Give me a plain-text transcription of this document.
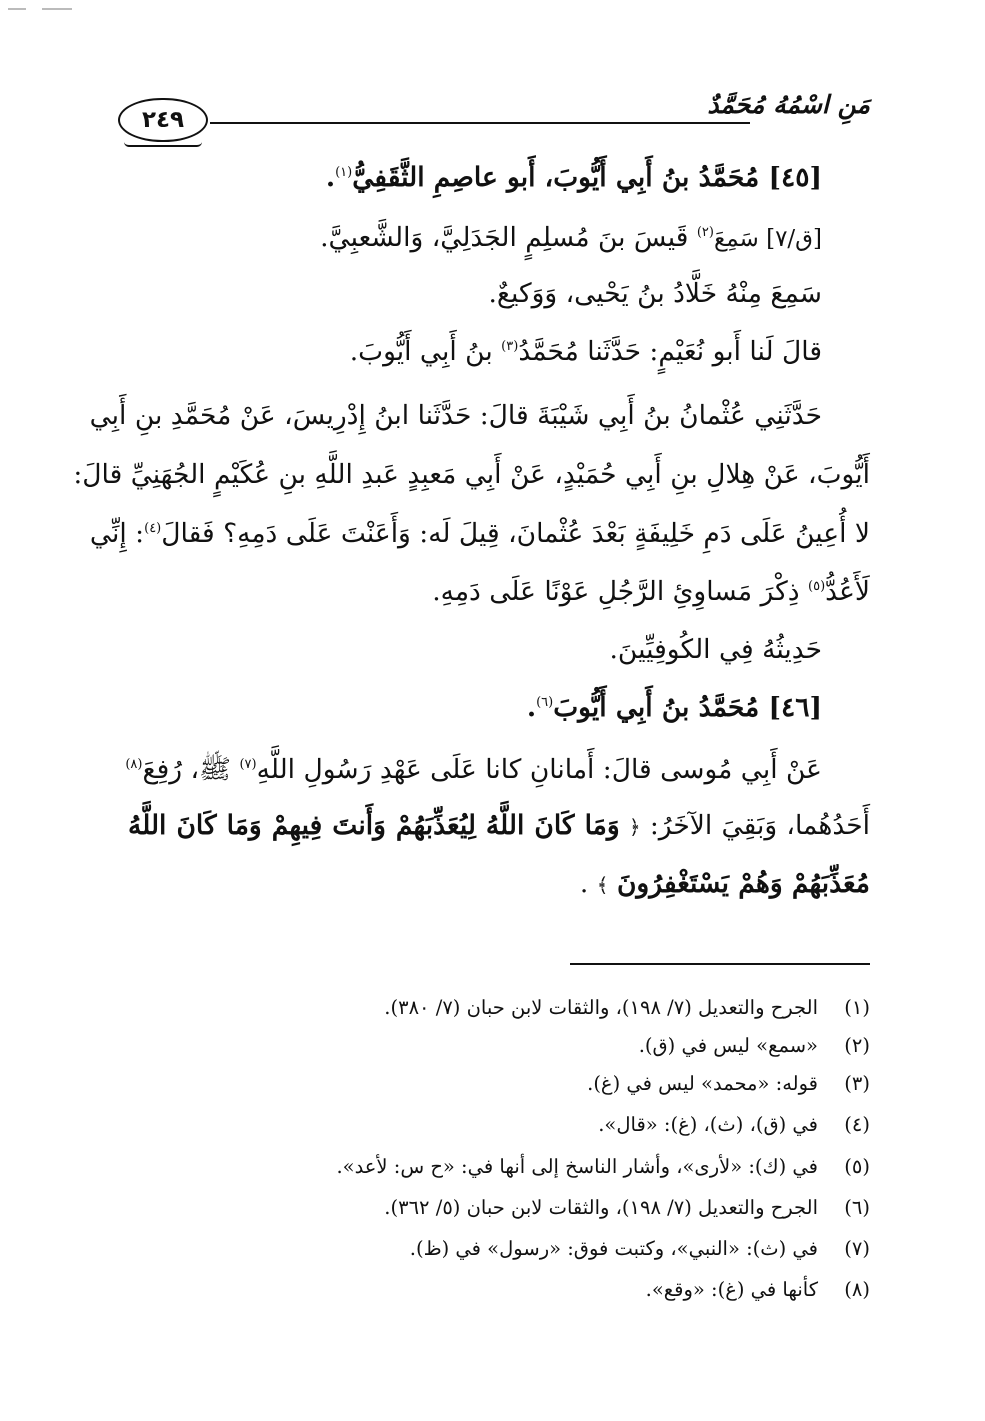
٢٤٩
مَنِ اسْمُهُ مُحَمَّدٌ
[٤٥] مُحَمَّدُ بنُ أَبِي أَيُّوبَ، أَبو عاصِمِ الثَّقَفِيُّ$^{(١)}$.
[ق/٧] سَمِعَ$^{(٢)}$ قَيسَ بنَ مُسلِمٍ الجَدَلِيَّ، وَالشَّعبِيَّ.
سَمِعَ مِنْهُ خَلَّادُ بنُ يَحْيى، وَوَكيعٌ.
قالَ لَنا أَبو نُعَيْمٍ: حَدَّثَنا مُحَمَّدُ$^{(٣)}$ بنُ أَبِي أَيُّوبَ.
حَدَّثَنِي عُثْمانُ بنُ أَبِي شَيْبَةَ قالَ: حَدَّثَنا ابنُ إِدْرِيسَ، عَنْ مُحَمَّدِ بنِ أَبِي
أَيُّوبَ، عَنْ هِلالِ بنِ أَبِي حُمَيْدٍ، عَنْ أَبِي مَعبِدٍ عَبدِ اللَّهِ بنِ عُكَيْمٍ الجُهَنِيِّ قالَ:
لا أُعِينُ عَلَى دَمِ خَلِيفَةٍ بَعْدَ عُثْمانَ، قِيلَ لَه: وَأَعَنْتَ عَلَى دَمِهِ؟ فَقالَ$^{(٤)}$: إِنِّي
لَأَعُدُّ$^{(٥)}$ ذِكْرَ مَساوِئِ الرَّجُلِ عَوْنًا عَلَى دَمِهِ.
حَدِيثُهُ فِي الكُوفِيِّينَ.
[٤٦] مُحَمَّدُ بنُ أَبِي أَيُّوبَ$^{(٦)}$.
عَنْ أَبِي مُوسى قالَ: أَمانانِ كانا عَلَى عَهْدِ رَسُولِ اللَّهِ$^{(٧)}$ ﷺ، رُفِعَ$^{(٨)}$
أَحَدُهُما، وَبَقِيَ الآخَرُ: ﴿ وَمَا كَانَ اللَّهُ لِيُعَذِّبَهُمْ وَأَنتَ فِيهِمْ وَمَا كَانَ اللَّهُ
مُعَذِّبَهُمْ وَهُمْ يَسْتَغْفِرُونَ ﴾ .
(١)الجرح والتعديل (٧/ ١٩٨)، والثقات لابن حبان (٧/ ٣٨٠).
(٢)«سمع» ليس في (ق).
(٣)قوله: «محمد» ليس في (غ).
(٤)في (ق)، (ث)، (غ): «قال».
(٥)في (ك): «لأرى»، وأشار الناسخ إلى أنها في: «ح س: لأعد».
(٦)الجرح والتعديل (٧/ ١٩٨)، والثقات لابن حبان (٥/ ٣٦٢).
(٧)في (ث): «النبي»، وكتبت فوق: «رسول» في (ظ).
(٨)كأنها في (غ): «وقع».
